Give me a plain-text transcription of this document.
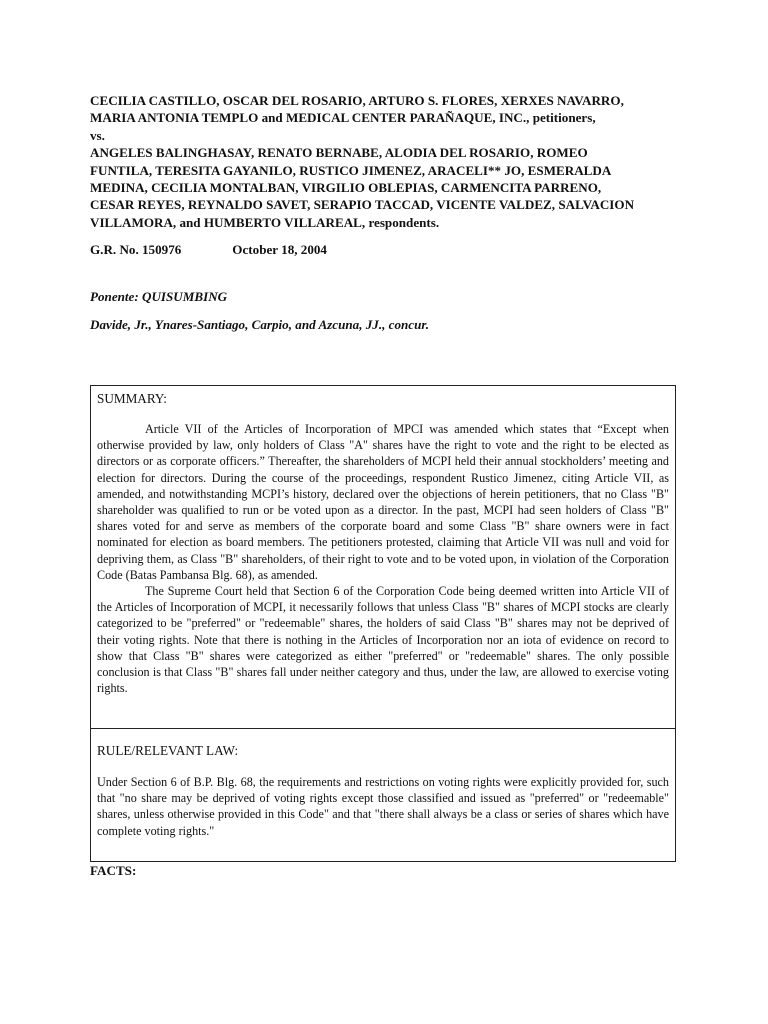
CECILIA CASTILLO, OSCAR DEL ROSARIO, ARTURO S. FLORES, XERXES NAVARRO,
MARIA ANTONIA TEMPLO and MEDICAL CENTER PARAÑAQUE, INC., petitioners,
vs.
ANGELES BALINGHASAY, RENATO BERNABE, ALODIA DEL ROSARIO, ROMEO
FUNTILA, TERESITA GAYANILO, RUSTICO JIMENEZ, ARACELI** JO, ESMERALDA
MEDINA, CECILIA MONTALBAN, VIRGILIO OBLEPIAS, CARMENCITA PARRENO,
CESAR REYES, REYNALDO SAVET, SERAPIO TACCAD, VICENTE VALDEZ, SALVACION
VILLAMORA, and HUMBERTO VILLAREAL, respondents.
G.R. No. 150976	October 18, 2004
Ponente: QUISUMBING
Davide, Jr., Ynares-Santiago, Carpio, and Azcuna, JJ., concur.
SUMMARY:

Article VII of the Articles of Incorporation of MPCI was amended which states that “Except when otherwise provided by law, only holders of Class "A" shares have the right to vote and the right to be elected as directors or as corporate officers.” Thereafter, the shareholders of MCPI held their annual stockholders’ meeting and election for directors. During the course of the proceedings, respondent Rustico Jimenez, citing Article VII, as amended, and notwithstanding MCPI’s history, declared over the objections of herein petitioners, that no Class "B" shareholder was qualified to run or be voted upon as a director. In the past, MCPI had seen holders of Class "B" shares voted for and serve as members of the corporate board and some Class "B" share owners were in fact nominated for election as board members. The petitioners protested, claiming that Article VII was null and void for depriving them, as Class "B" shareholders, of their right to vote and to be voted upon, in violation of the Corporation Code (Batas Pambansa Blg. 68), as amended.

The Supreme Court held that Section 6 of the Corporation Code being deemed written into Article VII of the Articles of Incorporation of MCPI, it necessarily follows that unless Class "B" shares of MCPI stocks are clearly categorized to be "preferred" or "redeemable" shares, the holders of said Class "B" shares may not be deprived of their voting rights. Note that there is nothing in the Articles of Incorporation nor an iota of evidence on record to show that Class "B" shares were categorized as either "preferred" or "redeemable" shares. The only possible conclusion is that Class "B" shares fall under neither category and thus, under the law, are allowed to exercise voting rights.

RULE/RELEVANT LAW:

Under Section 6 of B.P. Blg. 68, the requirements and restrictions on voting rights were explicitly provided for, such that "no share may be deprived of voting rights except those classified and issued as "preferred" or "redeemable" shares, unless otherwise provided in this Code" and that "there shall always be a class or series of shares which have complete voting rights."

FACTS:
